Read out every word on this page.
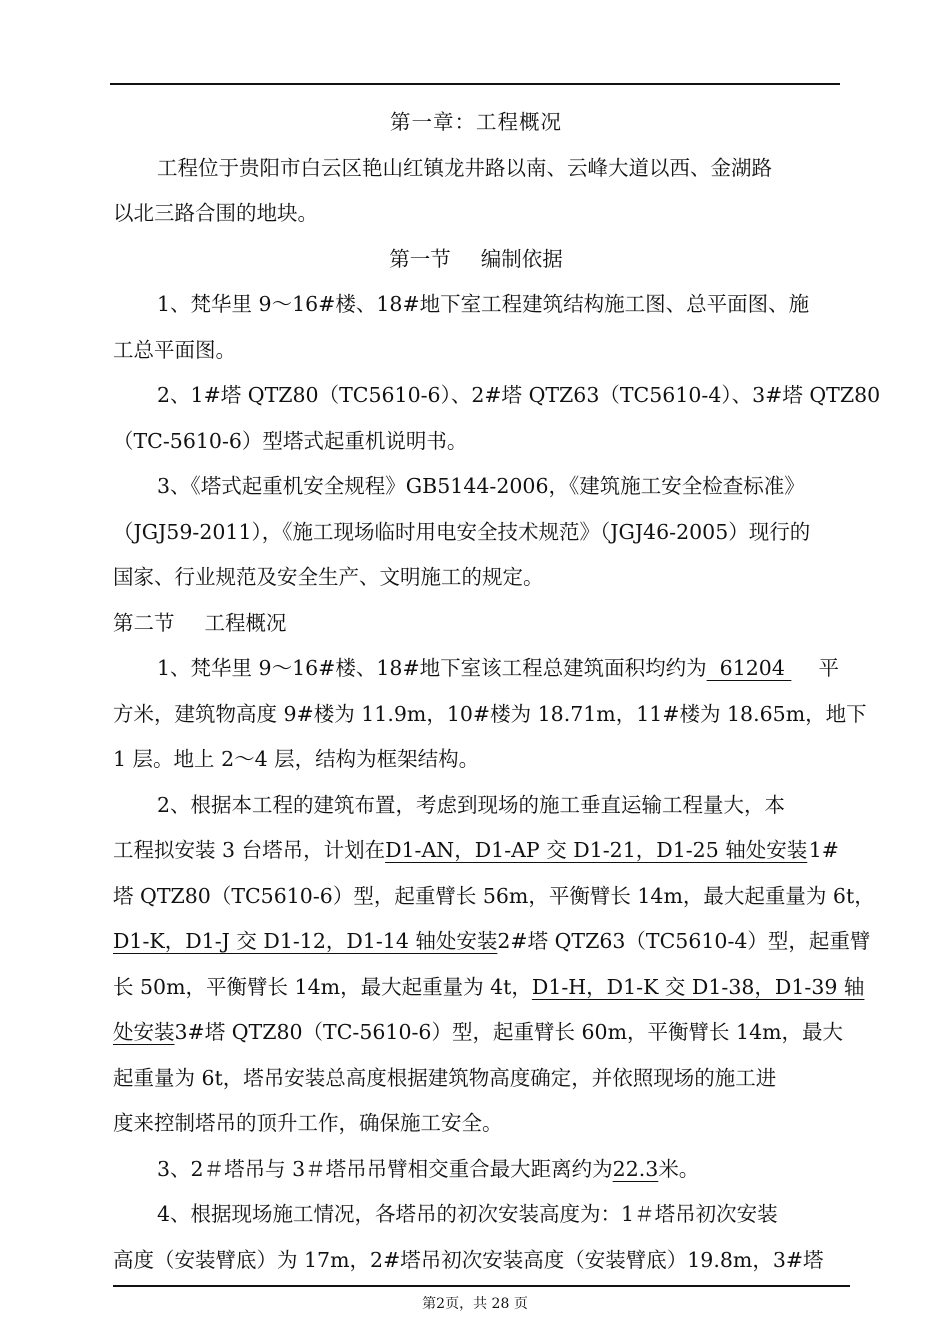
第一章：工程概况
工程位于贵阳市白云区艳山红镇龙井路以南、云峰大道以西、金湖路
以北三路合围的地块。
第一节 编制依据
1、梵华里 9～16#楼、18#地下室工程建筑结构施工图、总平面图、施
工总平面图。
2、1#塔 QTZ80（TC5610-6）、2#塔 QTZ63（TC5610-4）、3#塔 QTZ80
（TC-5610-6）型塔式起重机说明书。
3、《塔式起重机安全规程》GB5144-2006，《建筑施工安全检查标准》
（JGJ59-2011），《施工现场临时用电安全技术规范》（JGJ46-2005）现行的
国家、行业规范及安全生产、文明施工的规定。
第二节 工程概况
1、梵华里 9～16#楼、18#地下室该工程总建筑面积均约为  61204 平
方米，建筑物高度 9#楼为 11.9m，10#楼为 18.71m，11#楼为 18.65m，地下
1 层。地上 2～4 层，结构为框架结构。
2、根据本工程的建筑布置，考虑到现场的施工垂直运输工程量大，本
工程拟安装 3 台塔吊，计划在D1-AN，D1-AP 交 D1-21，D1-25 轴处安装 1#
塔 QTZ80（TC5610-6）型，起重臂长 56m，平衡臂长 14m，最大起重量为 6t，
D1-K，D1-J 交 D1-12，D1-14 轴处安装 2#塔 QTZ63（TC5610-4）型，起重臂
长 50m，平衡臂长 14m，最大起重量为 4t， D1-H，D1-K 交 D1-38，D1-39 轴
处安装 3#塔 QTZ80（TC-5610-6）型，起重臂长 60m，平衡臂长 14m，最大
起重量为 6t，塔吊安装总高度根据建筑物高度确定，并依照现场的施工进
度来控制塔吊的顶升工作，确保施工安全。
3、2＃塔吊与 3＃塔吊吊臂相交重合最大距离约为 22.3 米。
4、根据现场施工情况，各塔吊的初次安装高度为：1＃塔吊初次安装
高度（安装臂底）为 17m，2#塔吊初次安装高度（安装臂底）19.8m，3#塔
第2页，共 28 页
